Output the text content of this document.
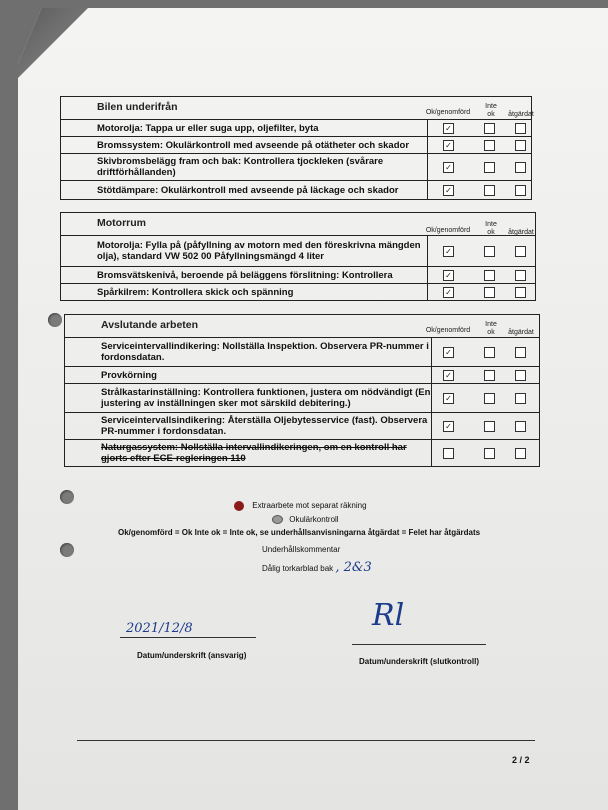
Bilen underifrån	Ok/genomförd
Inte ok	åtgärdat
Motorolja: Tappa ur eller suga upp, oljefilter, byta	✓
Bromssystem: Okulärkontroll med avseende på otätheter och skador	✓
Skivbromsbelägg fram och bak: Kontrollera tjockleken (svårare driftförhållanden)	✓
Stötdämpare: Okulärkontroll med avseende på läckage och skador	✓
Motorrum
Ok/genomförd
Inte ok	åtgärdat
Motorolja: Fylla på (påfyllning av motorn med den föreskrivna mängden olja), standard VW 502 00 Påfyllningsmängd 4 liter	✓
Bromsvätskenivå, beroende på beläggens förslitning: Kontrollera	✓
Spårkilrem: Kontrollera skick och spänning	✓
Avslutande arbeten	Ok/genomförd
Inte ok	åtgärdat
Serviceintervallindikering: Nollställa Inspektion. Observera PR-nummer i fordonsdatan.	✓
Provkörning	✓
Strålkastarinställning: Kontrollera funktionen, justera om nödvändigt (En justering av inställningen sker mot särskild debitering.)	✓
Serviceintervallsindikering: Återställa Oljebytesservice (fast). Observera PR-nummer i fordonsdatan.	✓
Naturgassystem: Nollställa intervallindikeringen, om en kontroll har gjorts efter ECE-regleringen 110
Extraarbete mot separat räkning
Okulärkontroll
Ok/genomförd = Ok Inte ok = Inte ok, se underhållsanvisningarna åtgärdat = Felet har åtgärdats
Underhållskommentar
Dålig torkarblad bak , 2&3
2021/12/8
Datum/underskrift (ansvarig)
Rl
Datum/underskrift (slutkontroll)
2 / 2
